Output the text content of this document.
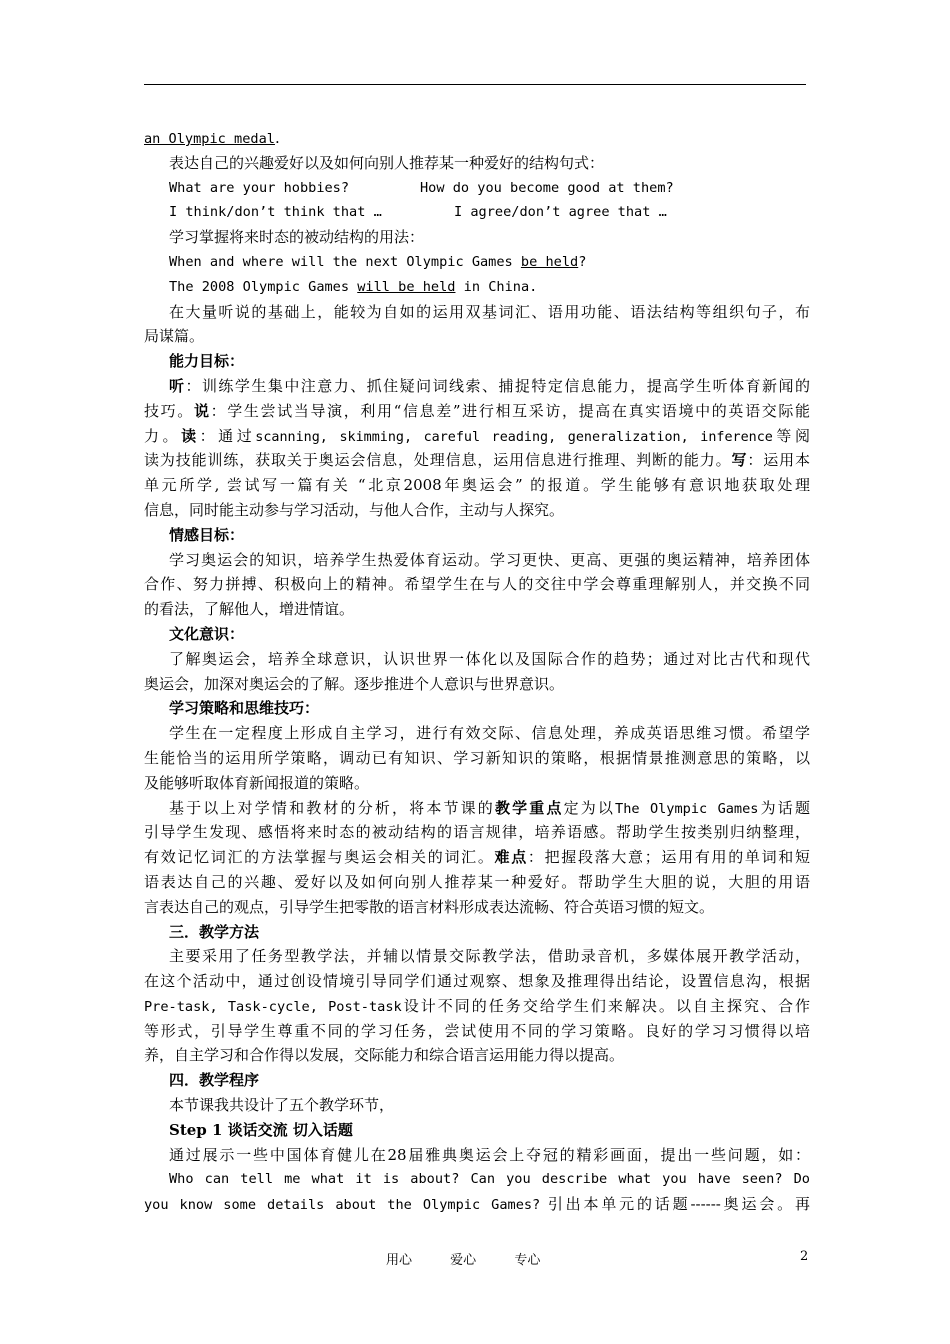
an Olympic medal.
表达自己的兴趣爱好以及如何向别人推荐某一种爱好的结构句式：
What are your hobbies?	How do you become good at them?
I think/don’t think that …	I agree/don’t agree that …
学习掌握将来时态的被动结构的用法：
When and where will the next Olympic Games be held?
The 2008 Olympic Games will be held in China.
在大量听说的基础上，能较为自如的运用双基词汇、语用功能、语法结构等组织句子，布
局谋篇。
能力目标：
听：训练学生集中注意力、抓住疑问词线索、捕捉特定信息能力，提高学生听体育新闻的
技巧。说：学生尝试当导演，利用“信息差”进行相互采访，提高在真实语境中的英语交际能
力。读：通过scanning, skimming, careful reading, generalization, inference等阅
读为技能训练，获取关于奥运会信息，处理信息，运用信息进行推理、判断的能力。写：运用本
单元所学, 尝试写一篇有关 “北京2008年奥运会” 的报道。学生能够有意识地获取处理
信息，同时能主动参与学习活动，与他人合作，主动与人探究。
情感目标：
学习奥运会的知识，培养学生热爱体育运动。学习更快、更高、更强的奥运精神，培养团体
合作、努力拼搏、积极向上的精神。希望学生在与人的交往中学会尊重理解别人，并交换不同
的看法，了解他人，增进情谊。
文化意识：
了解奥运会，培养全球意识，认识世界一体化以及国际合作的趋势；通过对比古代和现代
奥运会，加深对奥运会的了解。逐步推进个人意识与世界意识。
学习策略和思维技巧：
学生在一定程度上形成自主学习，进行有效交际、信息处理，养成英语思维习惯。希望学
生能恰当的运用所学策略，调动已有知识、学习新知识的策略，根据情景推测意思的策略，以
及能够听取体育新闻报道的策略。
基于以上对学情和教材的分析，将本节课的教学重点定为以The Olympic Games为话题
引导学生发现、感悟将来时态的被动结构的语言规律，培养语感。帮助学生按类别归纳整理，
有效记忆词汇的方法掌握与奥运会相关的词汇。难点：把握段落大意；运用有用的单词和短
语表达自己的兴趣、爱好以及如何向别人推荐某一种爱好。帮助学生大胆的说，大胆的用语
言表达自己的观点，引导学生把零散的语言材料形成表达流畅、符合英语习惯的短文。
三．教学方法
主要采用了任务型教学法，并辅以情景交际教学法，借助录音机，多媒体展开教学活动，
在这个活动中，通过创设情境引导同学们通过观察、想象及推理得出结论，设置信息沟，根据
Pre-task, Task-cycle, Post-task设计不同的任务交给学生们来解决。以自主探究、合作
等形式，引导学生尊重不同的学习任务，尝试使用不同的学习策略。良好的学习习惯得以培
养，自主学习和合作得以发展，交际能力和综合语言运用能力得以提高。
四．教学程序
本节课我共设计了五个教学环节，
Step 1 谈话交流 切入话题
通过展示一些中国体育健儿在28届雅典奥运会上夺冠的精彩画面，提出一些问题，如：
Who can tell me what it is about? Can you describe what you have seen? Do
you know some details about the Olympic Games? 引出本单元的话题------奥运会。再
用心	爱心	专心	2
